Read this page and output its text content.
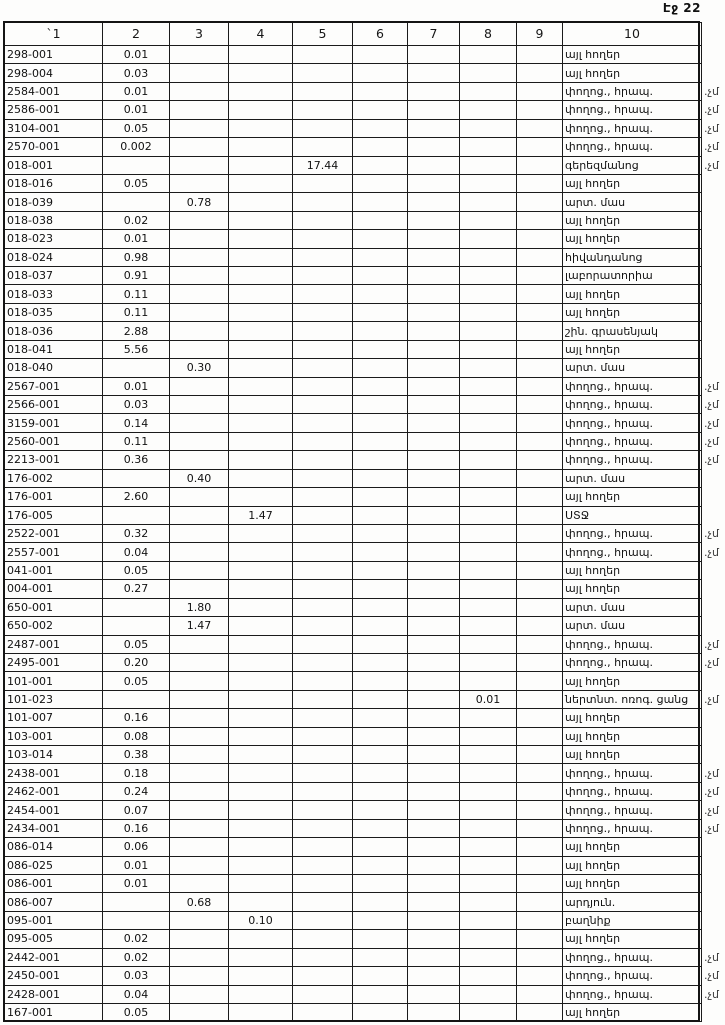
Էջ 22
`1	2	3	4	5	6	7	8	9	10	
298-001	0.01								այլ հողեր	
298-004	0.03								այլ հողեր	
2584-001	0.01								փողոց., հրապ.	.չմ
2586-001	0.01								փողոց., հրապ.	.չմ
3104-001	0.05								փողոց., հրապ.	.չմ
2570-001	0.002								փողոց., հրապ.	.չմ
018-001				17.44					գերեզմանոց	.չմ
018-016	0.05								այլ հողեր	
018-039		0.78							արտ. մաս	
018-038	0.02								այլ հողեր	
018-023	0.01								այլ հողեր	
018-024	0.98								հիվանդանոց	
018-037	0.91								լաբորատորիա	
018-033	0.11								այլ հողեր	
018-035	0.11								այլ հողեր	
018-036	2.88								շին. գրասենյակ	
018-041	5.56								այլ հողեր	
018-040		0.30							արտ. մաս	
2567-001	0.01								փողոց., հրապ.	.չմ
2566-001	0.03								փողոց., հրապ.	.չմ
3159-001	0.14								փողոց., հրապ.	.չմ
2560-001	0.11								փողոց., հրապ.	.չմ
2213-001	0.36								փողոց., հրապ.	.չմ
176-002		0.40							արտ. մաս	
176-001	2.60								այլ հողեր	
176-005			1.47						ՍՏՋ	
2522-001	0.32								փողոց., հրապ.	.չմ
2557-001	0.04								փողոց., հրապ.	.չմ
041-001	0.05								այլ հողեր	
004-001	0.27								այլ հողեր	
650-001		1.80							արտ. մաս	
650-002		1.47							արտ. մաս	
2487-001	0.05								փողոց., հրապ.	.չմ
2495-001	0.20								փողոց., հրապ.	.չմ
101-001	0.05								այլ հողեր	
101-023							0.01		ներտնտ. ոռոգ. ցանց	.չմ
101-007	0.16								այլ հողեր	
103-001	0.08								այլ հողեր	
103-014	0.38								այլ հողեր	
2438-001	0.18								փողոց., հրապ.	.չմ
2462-001	0.24								փողոց., հրապ.	.չմ
2454-001	0.07								փողոց., հրապ.	.չմ
2434-001	0.16								փողոց., հրապ.	.չմ
086-014	0.06								այլ հողեր	
086-025	0.01								այլ հողեր	
086-001	0.01								այլ հողեր	
086-007		0.68							արդյուն.	
095-001			0.10						բաղնիք	
095-005	0.02								այլ հողեր	
2442-001	0.02								փողոց., հրապ.	.չմ
2450-001	0.03								փողոց., հրապ.	.չմ
2428-001	0.04								փողոց., հրապ.	.չմ
167-001	0.05								այլ հողեր	
